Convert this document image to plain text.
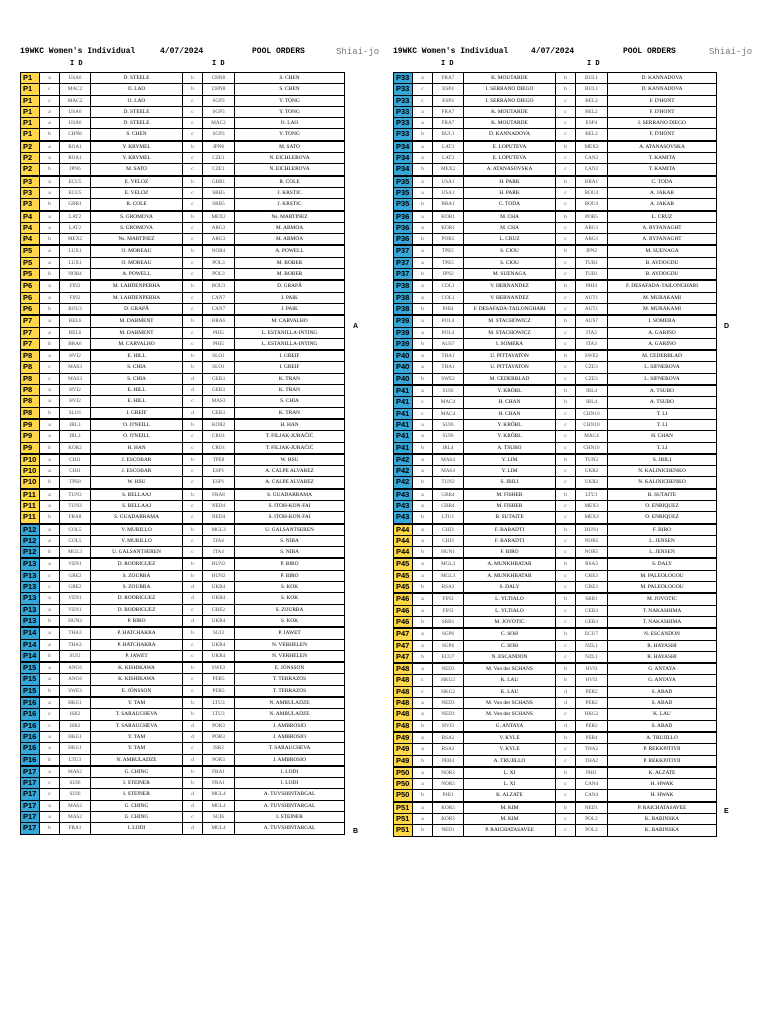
19WKC Women's Individual	4/07/2024	POOL ORDERS	Shiai-jo 19WKC Women's Individual	4/07/2024	POOL ORDERS	Shiai-jo
I D	I D	I D	I D
P1	a	USA6	D. STEELE	b	CHN8	S. CHEN
P1	c	MAC2	O. LAO	b	CHN8	S. CHEN
P1	c	MAC2	O. LAO	c	SGP3	Y. TONG
P1	a	USA6	D. STEELE	c	SGP3	Y. TONG
P1	a	USA6	D. STEELE	c	MAC2	O. LAO
P1	b	CHN8	S. CHEN	c	SGP3	Y. TONG
P2	a	ROA1	Y. KRYMEL	b	JPN6	M. SATO
P2	a	ROA1	Y. KRYMEL	c	CZE1	N. EICHLEROVA
P2	b	JPN6	M. SATO	c	CZE1	N. EICHLEROVA
P3	a	ECU5	E. VELOZ	b	GBR1	R. COLE
P3	a	ECU5	E. VELOZ	c	SRB5	J. KRSTIC
P3	b	GBR1	R. COLE	c	SRB5	J. KRSTIC
P4	a	LAT2	S. GROMOVA	b	MEX2	Ns. MARTINEZ
P4	a	LAT2	S. GROMOVA	c	ARG3	M. ARMOA
P4	b	MEX2	Ns. MARTINEZ	c	ARG3	M. ARMOA
P5	a	LUX1	O. MOREAU	b	NOR4	A. POWELL
P5	a	LUX1	O. MOREAU	c	POL3	M. BOBER
P5	b	NOR4	A. POWELL	c	POL3	M. BOBER
P6	a	FIN2	M. LAHDENPERHA	b	ROU3	D. GRAPĂ
P6	a	FIN2	M. LAHDENPERHA	c	CAN7	J. PAIK
P6	b	ROU3	D. GRAPĂ	c	CAN7	J. PAIK
P7	a	BEL6	M. DARMENT	b	BRA6	M. CARVALHO
P7	a	BEL6	M. DARMENT	c	PHI5	L. ESTANILLA-INTING
P7	b	BRA6	M. CARVALHO	c	PHI5	L. ESTANILLA-INTING
P8	a	HVI2	E. HILL	b	SLO1	I. GREIF
P8	c	MAS3	S. CHIA	b	SLO1	I. GREIF
P8	c	MAS3	S. CHIA	d	GER3	K. TRAN
P8	a	HVI2	E. HILL	d	GER3	K. TRAN
P8	a	HVI2	E. HILL	c	MAS3	S. CHIA
P8	b	SLO1	I. GREIF	d	GER3	K. TRAN
P9	a	IRL3	O. O'NEILL	b	KOR2	H. HAN
P9	a	IRL3	O. O'NEILL	c	CRO1	T. FILJAK-JURAČIĆ
P9	b	KOR2	H. HAN	c	CRO1	T. FILJAK-JURAČIĆ
P10	a	CHI1	J. ESCOBAR	b	TPE8	W. HSU
P10	a	CHI1	J. ESCOBAR	c	ESP1	A. CALPE ALVAREZ
P10	b	TPE8	W. HSU	c	ESP1	A. CALPE ALVAREZ
P11	a	TUN3	S. BELLAAJ	b	FRA8	S. GUADARRAMA
P11	a	TUN3	S. BELLAAJ	c	NED4	S. ITOH-KON-FAI
P11	b	FRA8	S. GUADARRAMA	c	NED4	S. ITOH-KON-FAI
P12	a	COL5	V. MURILLO	b	MGL3	U. GALSANTSEREN
P12	a	COL5	V. MURILLO	c	ITA4	S. NIBA
P12	b	MGL3	U. GALSANTSEREN	c	ITA4	S. NIBA
P13	a	VEN1	D. RODRIGUEZ	b	HUN2	P. BIRO
P13	c	GRE2	S. ZOURBA	b	HUN2	P. BIRO
P13	c	GRE2	S. ZOURBA	d	UKR4	S. KOK
P13	a	VEN1	D. RODRIGUEZ	d	UKR4	S. KOK
P13	a	VEN1	D. RODRIGUEZ	c	GRE2	S. ZOURBA
P13	b	HUN2	P. BIRO	d	UKR4	S. KOK
P14	a	THA3	P. HATCHAKRA	b	SUI3	P. JAWET
P14	a	THA3	P. HATCHAKRA	c	UKR4	N. VERHELEN
P14	b	SUI3	P. JAWET	c	UKR4	N. VERHELEN
P15	a	ANG6	K. KISHIKAWA	b	SWE3	E. JÖNSSON
P15	a	ANG6	K. KISHIKAWA	c	PER5	T. TERRAZOS
P15	b	SWE3	E. JÖNSSON	c	PER5	T. TERRAZOS
P16	a	HKG1	Y. TAM	b	LTU3	N. AMBULADZE
P16	c	ISR2	T. SARAUCHEVA	b	LTU3	N. AMBULADZE
P16	c	ISR2	T. SARAUCHEVA	d	POR3	J. AMBROSIO
P16	a	HKG1	Y. TAM	d	POR3	J. AMBROSIO
P16	a	HKG1	Y. TAM	c	ISR2	T. SARAUCHEVA
P16	b	LTU3	N. AMBULADZE	d	POR3	J. AMBROSIO
P17	a	MAS2	G. CHING	b	FRA1	I. LODI
P17	c	SUI6	I. STEINER	b	FRA1	I. LODI
P17	c	SUI6	I. STEINER	d	MGL4	A. TUVSHINTARGAL
P17	a	MAS2	G. CHING	d	MGL4	A. TUVSHINTARGAL
P17	a	MAS2	G. CHING	c	SUI6	I. STEINER
P17	b	FRA1	I. LODI	d	MGL4	A. TUVSHINTARGAL
P33	a	FRA7	K. MOUTARDE	b	BUL1	D. KANNADOVA
P33	c	ESP4	I. SERRANO DIEGO	b	BUL1	D. KANNADOVA
P33	c	ESP4	I. SERRANO DIEGO	c	BEL2	F. D'HONT
P33	a	FRA7	K. MOUTARDE	c	BEL2	F. D'HONT
P33	a	FRA7	K. MOUTARDE	c	ESP4	I. SERRANO DIEGO
P33	b	BUL1	D. KANNADOVA	c	BEL2	F. D'HONT
P34	a	LAT3	E. LOPUTEVA	b	MEX2	A. ATANASOVSKA
P34	a	LAT3	E. LOPUTEVA	c	CAN2	T. KAMITA
P34	b	MEX2	A. ATANASOVSKA	c	CAN2	T. KAMITA
P35	a	USA1	H. PARK	b	BRA1	C. TODA
P35	a	USA1	H. PARK	c	ROU4	A. JAKAB
P35	b	BRA1	C. TODA	c	ROU4	A. JAKAB
P36	a	KOR1	M. CHA	b	POR5	L. CRUZ
P36	a	KOR1	M. CHA	c	ARG1	A. RYFANAGHT
P36	b	POR5	L. CRUZ	c	ARG1	A. RYFANAGHT
P37	a	TPE5	S. CIOU	b	JPN2	M. SUENAGA
P37	a	TPE5	S. CIOU	c	TUR1	B. AYDOGDU
P37	b	JPN2	M. SUENAGA	c	TUR1	B. AYDOGDU
P38	a	COL1	V. HERNANDEZ	b	PHI4	F. DESAFADA-TAILONGHARI
P38	a	COL1	V. HERNANDEZ	c	AUT1	M. MURAKAMI
P38	b	PHI4	F. DESAFADA-TAILONGHARI	c	AUT1	M. MURAKAMI
P39	a	POL4	M. STACHOWICZ	b	AUS7	I. SOMERA
P39	a	POL4	M. STACHOWICZ	c	ITA3	A. GARINO
P39	b	AUS7	I. SOMERA	c	ITA3	A. GARINO
P40	a	THA1	U. PITTAYATON	b	SWE2	M. CEDERBLAD
P40	a	THA1	U. PITTAYATON	c	CZE3	L. SIFNEROVA
P40	b	SWE2	M. CEDERBLAD	c	CZE3	L. SIFNEROVA
P41	a	SUI6	Y. KRÖBL	b	IRL4	A. TSUBO
P41	c	MAC4	H. CHAN	b	IRL4	A. TSUBO
P41	c	MAC4	H. CHAN	c	CHN10	T. LI
P41	a	SUI6	Y. KRÖBL	c	CHN10	T. LI
P41	a	SUI6	Y. KRÖBL	c	MAC4	H. CHAN
P41	b	IRL4	A. TSUBO	c	CHN10	T. LI
P42	a	MAS4	Y. LIM	b	TUN2	S. JBILI
P42	a	MAS4	Y. LIM	c	UKR2	N. KALINICHENKO
P42	b	TUN2	S. JBILI	c	UKR2	N. KALINICHENKO
P43	a	GBR4	M. FISHER	b	LTU1	B. SUTAITE
P43	a	GBR4	M. FISHER	c	MEX3	O. ENRIQUEZ
P43	b	LTU1	B. SUTAITE	c	MEX3	O. ENRIQUEZ
P44	a	CHI3	F. BARADTI	b	HUN1	F. BIRO
P44	a	CHI3	F. BARADTI	c	NOR5	L. JENSEN
P44	b	HUN1	F. BIRO	c	NOR5	L. JENSEN
P45	a	MGL3	A. MUNKHBATAR	b	RSA3	S. DALY
P45	a	MGL3	A. MUNKHBATAR	c	GRE3	M. PALEOLOGOU
P45	b	RSA3	S. DALY	c	GRE3	M. PALEOLOGOU
P46	a	FIN3	L. YLTIALO	b	SRB1	M. JOVOTIC
P46	a	FIN3	L. YLTIALO	c	GER3	T. NAKASHIMA
P46	b	SRB1	M. JOVOTIC	c	GER3	T. NAKASHIMA
P47	a	SGP6	C. SOH	b	ECU7	N. ESCANDON
P47	a	SGP6	C. SOH	c	NZL1	R. HAYASHI
P47	b	ECU7	N. ESCANDON	c	NZL1	R. HAYASHI
P48	a	NED3	M. Von der SCHANS	b	HVI3	G. ANTAYA
P48	c	HKG2	K. LAU	b	HVI3	G. ANTAYA
P48	c	HKG2	K. LAU	d	PER2	S. ABAD
P48	a	NED3	M. Von der SCHANS	d	PER2	S. ABAD
P48	a	NED3	M. Von der SCHANS	c	HKG2	K. LAU
P48	b	HVI3	G. ANTAYA	d	PER2	S. ABAD
P49	a	RSA2	V. KYLE	b	PER4	A. TRUJILLO
P49	a	RSA2	V. KYLE	c	THA2	P. REKKPITIYII
P49	b	PER4	A. TRUJILLO	c	THA2	P. REKKPITIYII
P50	a	NOR3	L. XI	b	PHI1	K. ALZATE
P50	a	NOR3	L. XI	c	CAN4	H. HWAK
P50	b	PHI1	K. ALZATE	c	CAN4	H. HWAK
P51	a	KOR3	M. KIM	b	NED1	P. RAICHATASAVEE
P51	a	KOR3	M. KIM	c	POL2	K. BABINSKA
P51	b	NED1	P. RAICHATASAVEE	c	POL2	K. BABINSKA
A
B
D
E
